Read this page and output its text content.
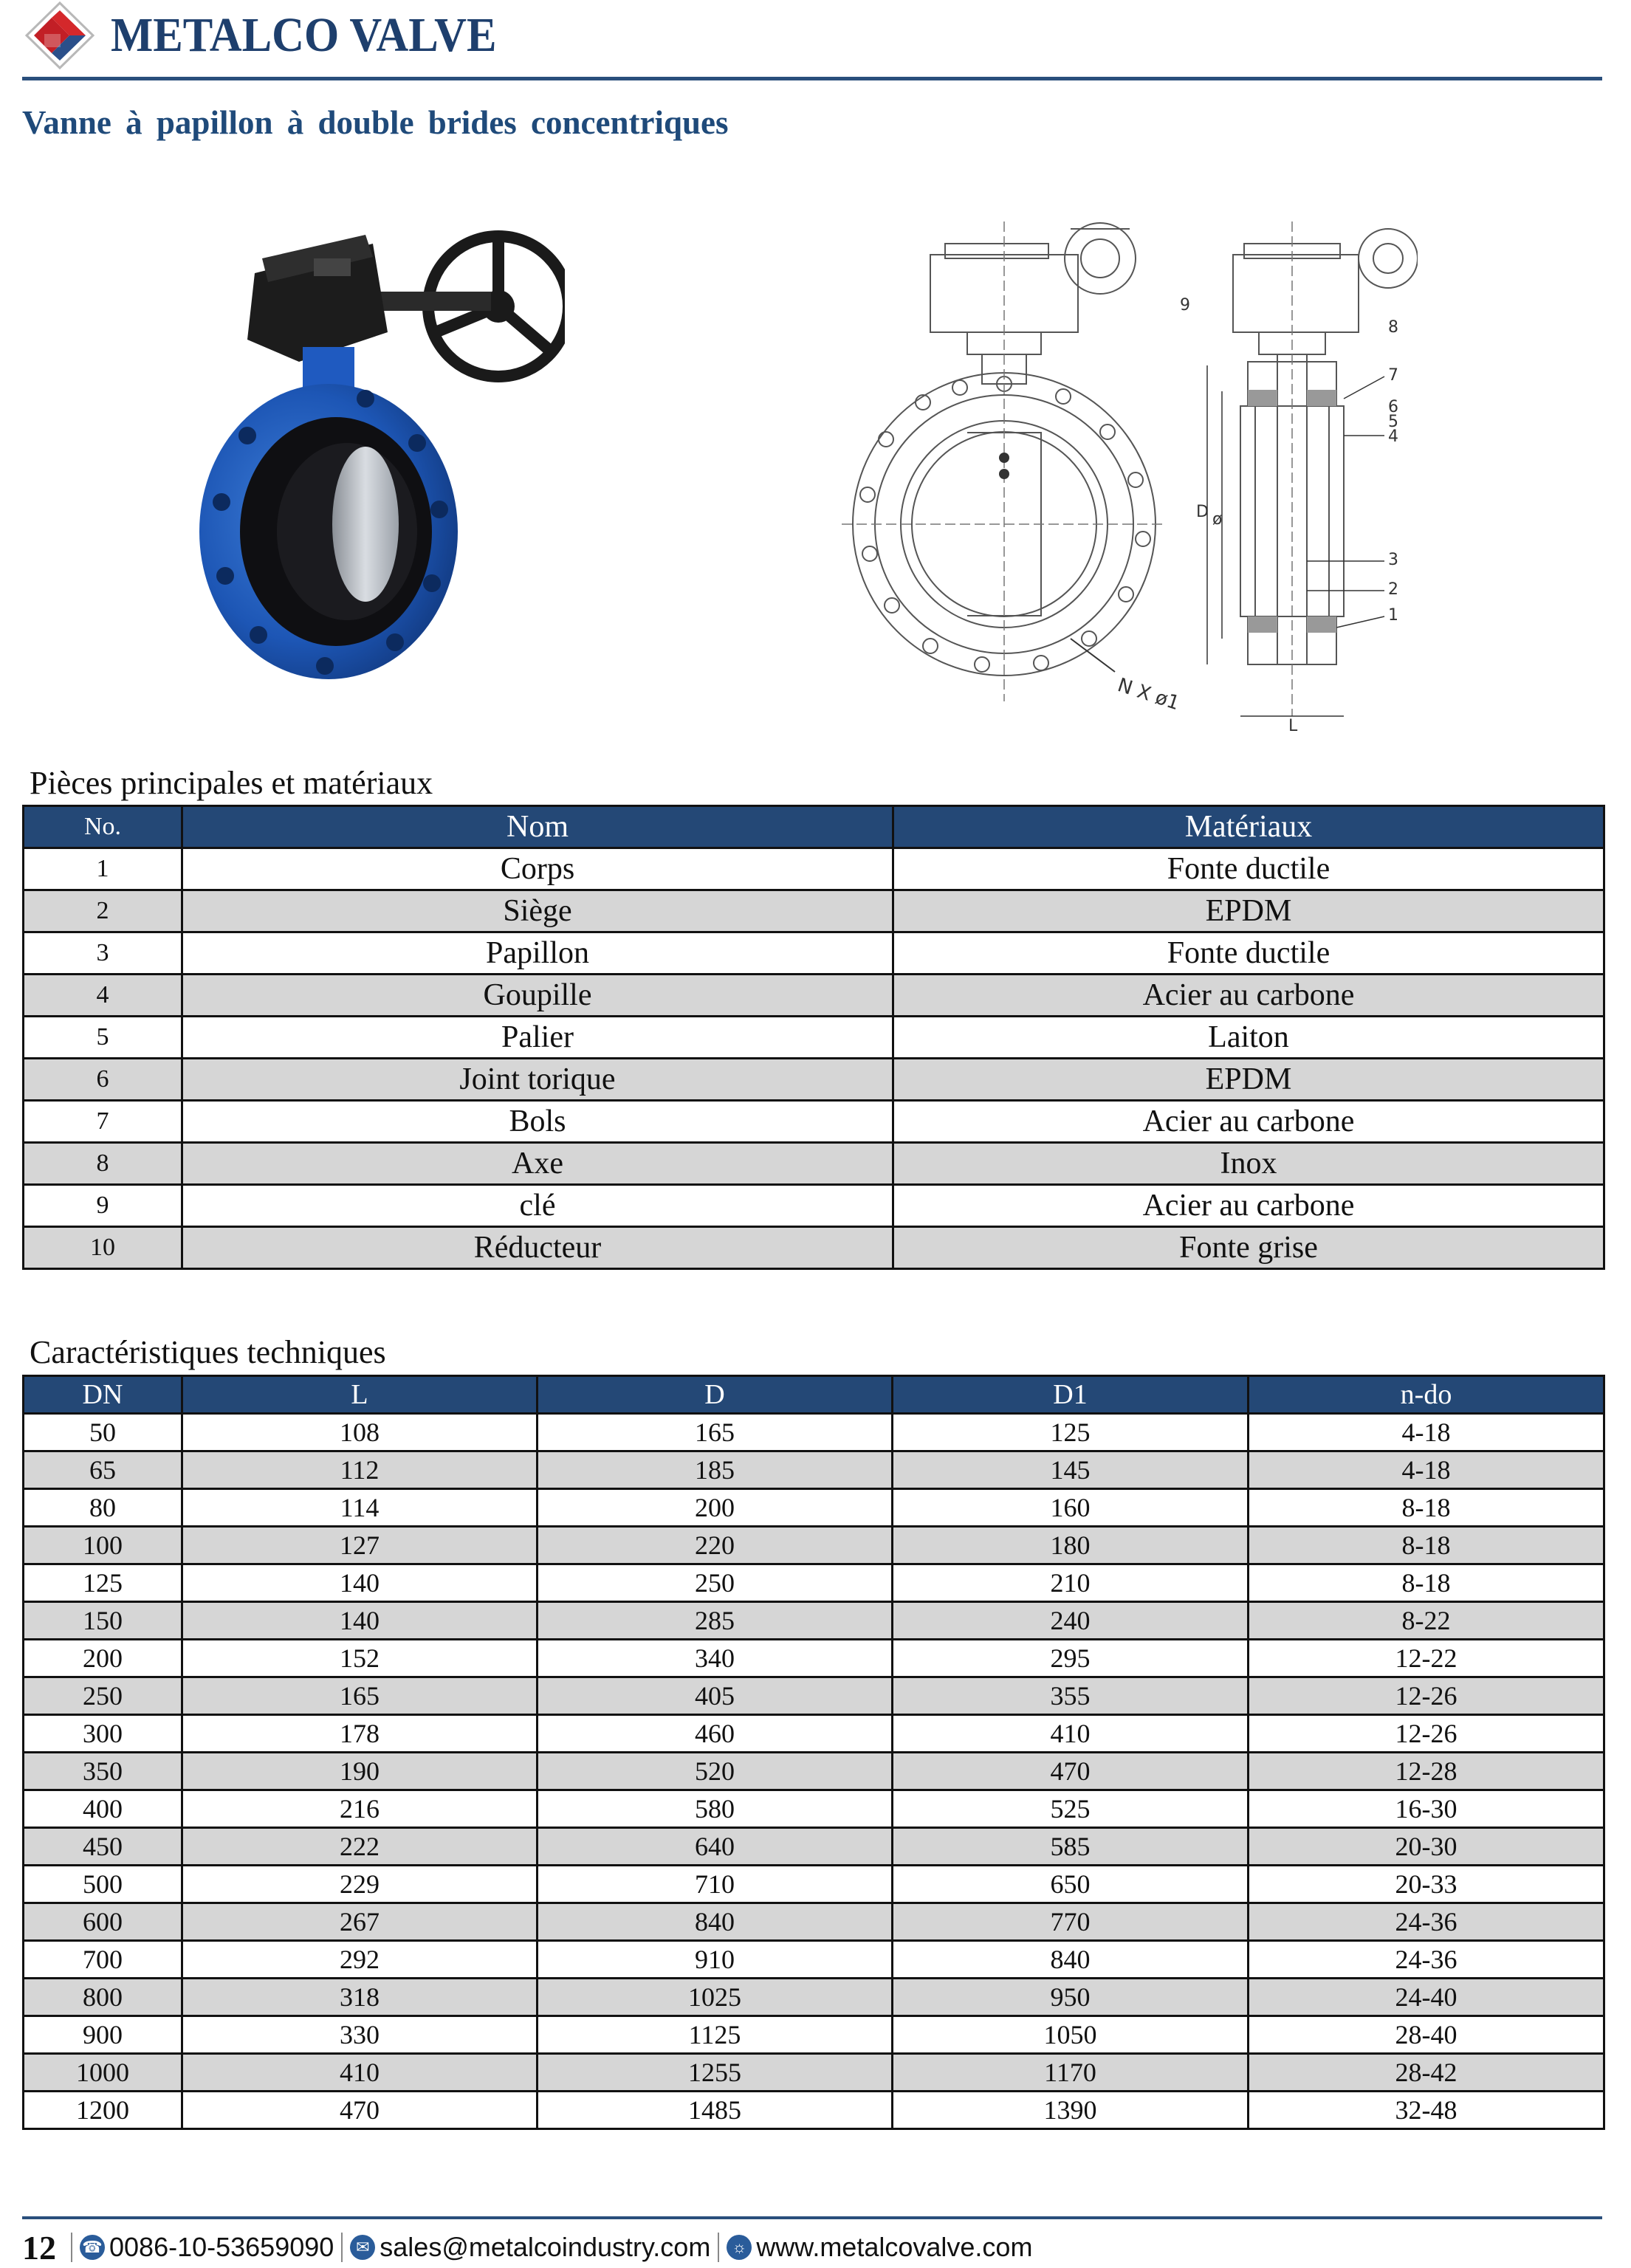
METALCO VALVE
Vanne à papillon à double brides concentriques
N X ø1
D ø
L
9
8
7
6
5
4
3
2
1
Pièces principales et matériaux
No.	Nom	Matériaux
1	Corps	Fonte ductile
2	Siège	EPDM
3	Papillon	Fonte ductile
4	Goupille	Acier au carbone
5	Palier	Laiton
6	Joint torique	EPDM
7	Bols	Acier au carbone
8	Axe	Inox
9	clé	Acier au carbone
10	Réducteur	Fonte grise
Caractéristiques techniques
DN	L	D	D1	n-do
50	108	165	125	4-18
65	112	185	145	4-18
80	114	200	160	8-18
100	127	220	180	8-18
125	140	250	210	8-18
150	140	285	240	8-22
200	152	340	295	12-22
250	165	405	355	12-26
300	178	460	410	12-26
350	190	520	470	12-28
400	216	580	525	16-30
450	222	640	585	20-30
500	229	710	650	20-33
600	267	840	770	24-36
700	292	910	840	24-36
800	318	1025	950	24-40
900	330	1125	1050	28-40
1000	410	1255	1170	28-42
1200	470	1485	1390	32-48
12 ☎ 0086-10-53659090	✉ sales@metalcoindustry.com	☼ www.metalcovalve.com
